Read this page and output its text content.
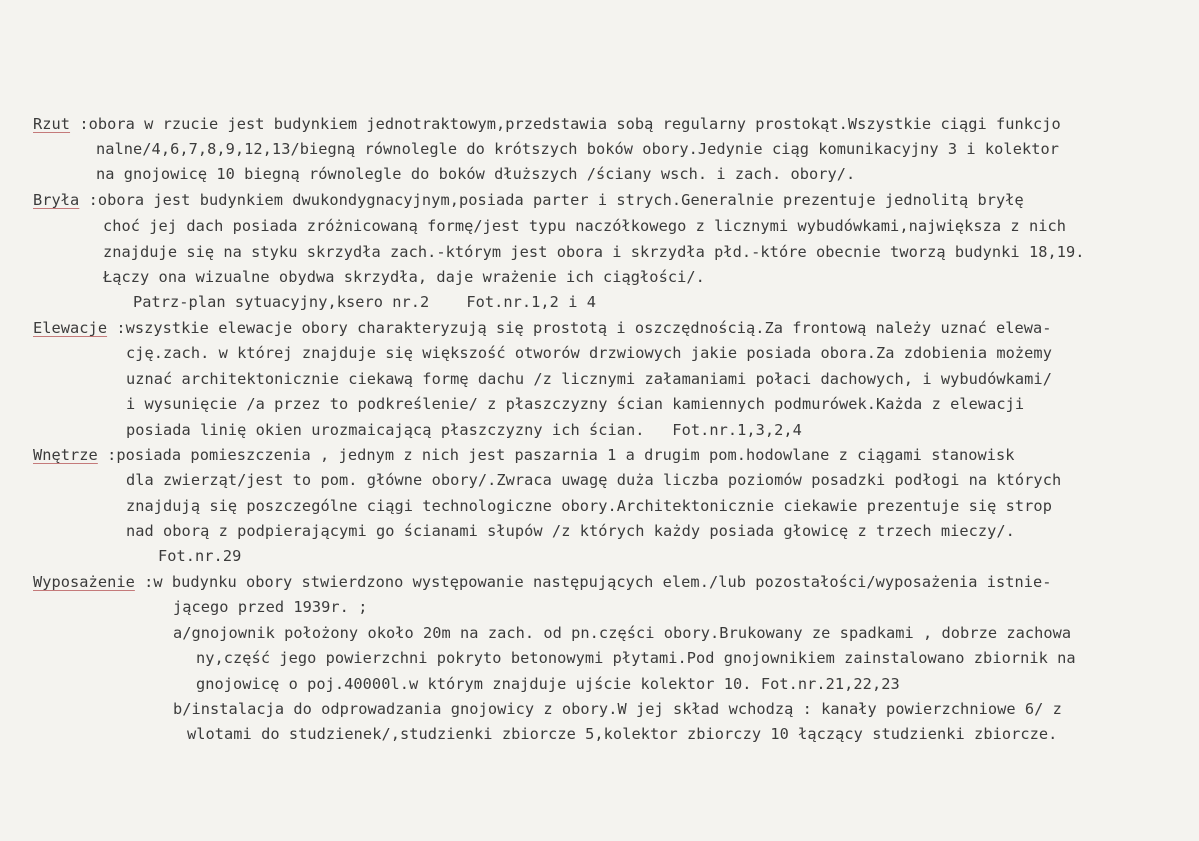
Rzut :obora w rzucie jest budynkiem jednotraktowym,przedstawia sobą regularny prostokąt.Wszystkie ciągi funkcjo
nalne/4,6,7,8,9,12,13/biegną równolegle do krótszych boków obory.Jedynie ciąg komunikacyjny 3 i kolektor
na gnojowicę 10 biegną równolegle do boków dłuższych /ściany wsch. i zach. obory/.
Bryła :obora jest budynkiem dwukondygnacyjnym,posiada parter i strych.Generalnie prezentuje jednolitą bryłę
choć jej dach posiada zróżnicowaną formę/jest typu naczółkowego z licznymi wybudówkami,największa z nich
znajduje się na styku skrzydła zach.-którym jest obora i skrzydła płd.-które obecnie tworzą budynki 18,19.
Łączy ona wizualne obydwa skrzydła, daje wrażenie ich ciągłości/.
Patrz-plan sytuacyjny,ksero nr.2    Fot.nr.1,2 i 4
Elewacje :wszystkie elewacje obory charakteryzują się prostotą i oszczędnością.Za frontową należy uznać elewa-
cję.zach. w której znajduje się większość otworów drzwiowych jakie posiada obora.Za zdobienia możemy
uznać architektonicznie ciekawą formę dachu /z licznymi załamaniami połaci dachowych, i wybudówkami/
i wysunięcie /a przez to podkreślenie/ z płaszczyzny ścian kamiennych podmurówek.Każda z elewacji
posiada linię okien urozmaicającą płaszczyzny ich ścian.   Fot.nr.1,3,2,4
Wnętrze :posiada pomieszczenia , jednym z nich jest paszarnia 1 a drugim pom.hodowlane z ciągami stanowisk
dla zwierząt/jest to pom. główne obory/.Zwraca uwagę duża liczba poziomów posadzki podłogi na których
znajdują się poszczególne ciągi technologiczne obory.Architektonicznie ciekawie prezentuje się strop
nad oborą z podpierającymi go ścianami słupów /z których każdy posiada głowicę z trzech mieczy/.
Fot.nr.29
Wyposażenie :w budynku obory stwierdzono występowanie następujących elem./lub pozostałości/wyposażenia istnie-
jącego przed 1939r. ;
a/gnojownik położony około 20m na zach. od pn.części obory.Brukowany ze spadkami , dobrze zachowa
ny,część jego powierzchni pokryto betonowymi płytami.Pod gnojownikiem zainstalowano zbiornik na
gnojowicę o poj.40000l.w którym znajduje ujście kolektor 10. Fot.nr.21,22,23
b/instalacja do odprowadzania gnojowicy z obory.W jej skład wchodzą : kanały powierzchniowe 6/ z
wlotami do studzienek/,studzienki zbiorcze 5,kolektor zbiorczy 10 łączący studzienki zbiorcze.
